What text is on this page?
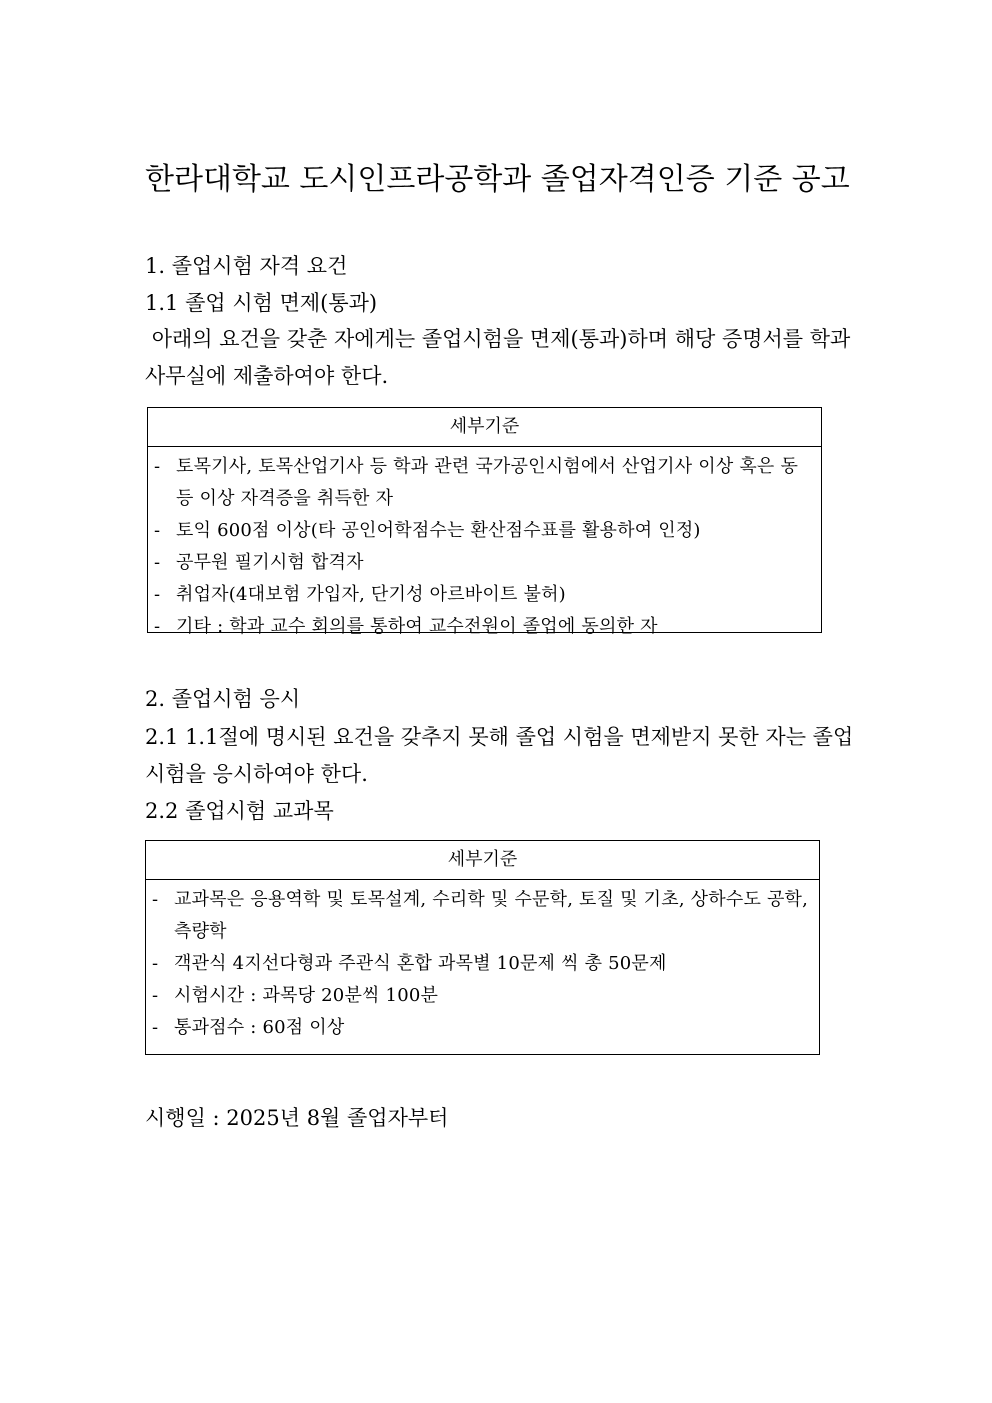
한라대학교 도시인프라공학과 졸업자격인증 기준 공고
1. 졸업시험 자격 요건
1.1 졸업 시험 면제(통과)
아래의 요건을 갖춘 자에게는 졸업시험을 면제(통과)하며 해당 증명서를 학과사무실에 제출하여야 한다.
세부기준
- 토목기사, 토목산업기사 등 학과 관련 국가공인시험에서 산업기사 이상 혹은 동등 이상 자격증을 취득한 자
- 토익 600점 이상(타 공인어학점수는 환산점수표를 활용하여 인정)
- 공무원 필기시험 합격자
- 취업자(4대보험 가입자, 단기성 아르바이트 불허)
- 기타 : 학과 교수 회의를 통하여 교수전원이 졸업에 동의한 자
2. 졸업시험 응시
2.1 1.1절에 명시된 요건을 갖추지 못해 졸업 시험을 면제받지 못한 자는 졸업시험을 응시하여야 한다.
2.2 졸업시험 교과목
세부기준
- 교과목은 응용역학 및 토목설계, 수리학 및 수문학, 토질 및 기초, 상하수도 공학, 측량학
- 객관식 4지선다형과 주관식 혼합 과목별 10문제 씩 총 50문제
- 시험시간 : 과목당 20분씩 100분
- 통과점수 : 60점 이상
시행일 : 2025년 8월 졸업자부터
